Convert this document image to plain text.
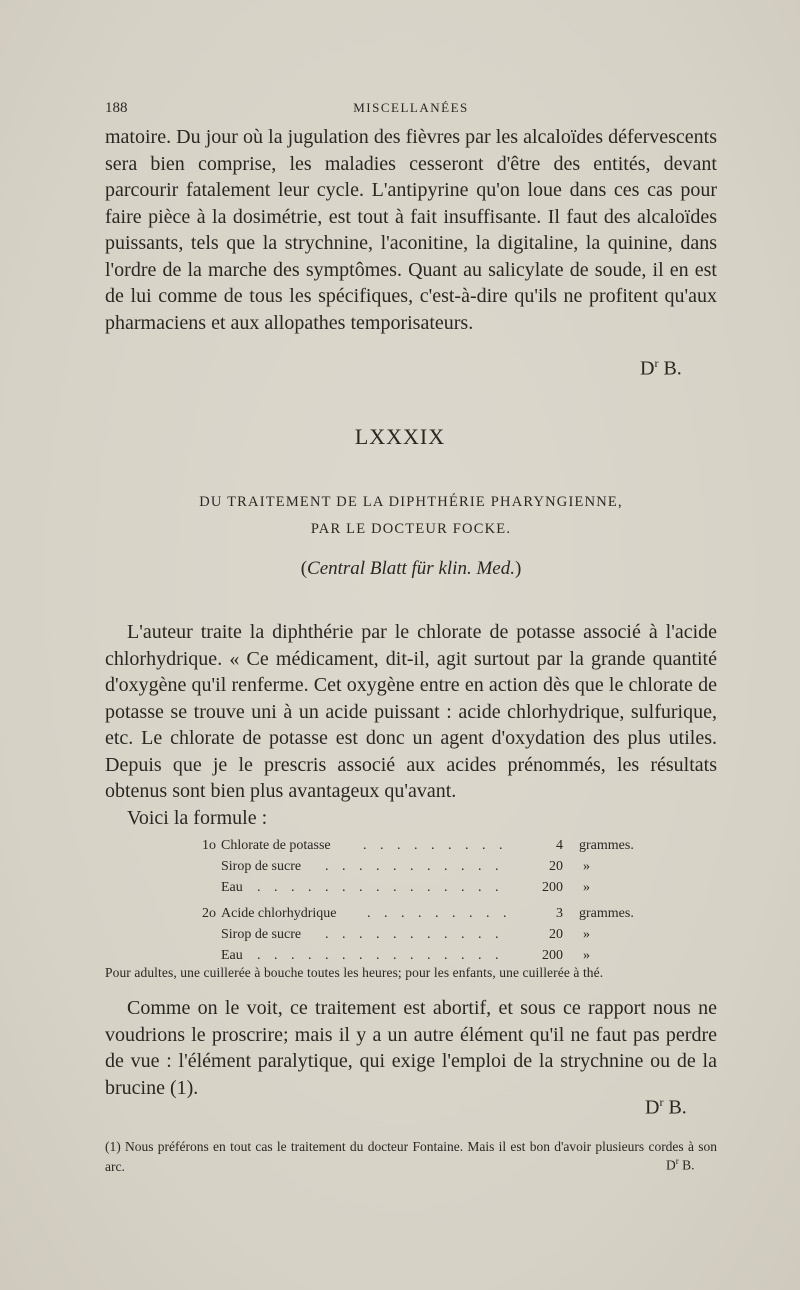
188	MISCELLANÉES

matoire. Du jour où la jugulation des fièvres par les alcaloïdes défervescents sera bien comprise, les maladies cesseront d'être des entités, devant parcourir fatalement leur cycle. L'antipyrine qu'on loue dans ces cas pour faire pièce à la dosimétrie, est tout à fait insuffisante. Il faut des alcaloïdes puissants, tels que la strychnine, l'aconitine, la digitaline, la quinine, dans l'ordre de la marche des symptômes. Quant au salicylate de soude, il en est de lui comme de tous les spécifiques, c'est-à-dire qu'ils ne profitent qu'aux pharmaciens et aux allopathes temporisateurs.

$D^r$ B.
LXXXIX
DU TRAITEMENT DE LA DIPHTHÉRIE PHARYNGIENNE,
PAR LE DOCTEUR FOCKE.
(Central Blatt für klin. Med.)

L'auteur traite la diphthérie par le chlorate de potasse associé à l'acide chlorhydrique. « Ce médicament, dit-il, agit surtout par la grande quantité d'oxygène qu'il renferme. Cet oxygène entre en action dès que le chlorate de potasse se trouve uni à un acide puissant : acide chlorhydrique, sulfurique, etc. Le chlorate de potasse est donc un agent d'oxydation des plus utiles. Depuis que je le prescris associé aux acides prénommés, les résultats obtenus sont bien plus avantageux qu'avant.

Voici la formule :

1o Chlorate de potasse . . . . . . . . .	4 grammes.
Sirop de sucre . . . . . . . . . . .	20 »
Eau . . . . . . . . . . . . . . .	200 »
2o Acide chlorhydrique . . . . . . . . .	3 grammes.
Sirop de sucre . . . . . . . . . . .	20 »
Eau . . . . . . . . . . . . . . .	200 »
Pour adultes, une cuillerée à bouche toutes les heures; pour les enfants, une cuillerée à thé.

Comme on le voit, ce traitement est abortif, et sous ce rapport nous ne voudrions le proscrire; mais il y a un autre élément qu'il ne faut pas perdre de vue : l'élément paralytique, qui exige l'emploi de la strychnine ou de la brucine (1).

$D^r$ B.
(1) Nous préférons en tout cas le traitement du docteur Fontaine. Mais il est bon d'avoir plusieurs cordes à son arc.	$D^r$ B.
